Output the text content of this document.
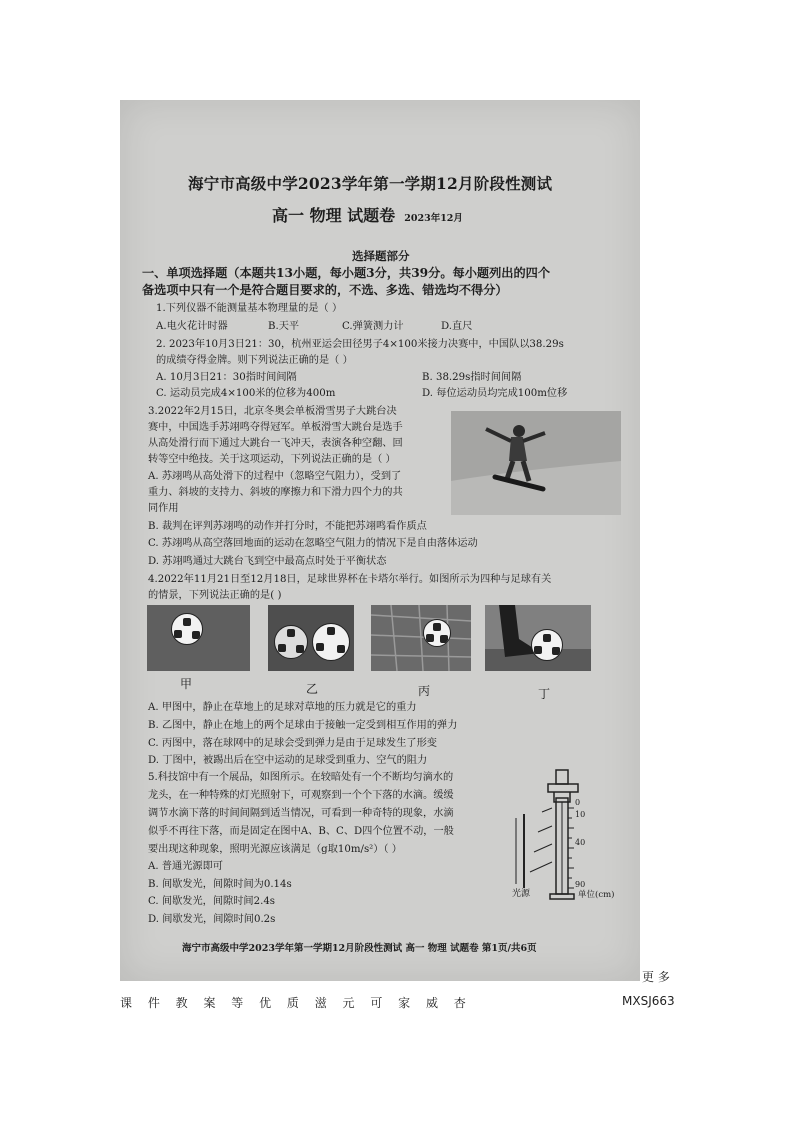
海宁市高级中学2023学年第一学期12月阶段性测试
高一 物理 试题卷 2023年12月
选择题部分
一、单项选择题（本题共13小题，每小题3分，共39分。每小题列出的四个
备选项中只有一个是符合题目要求的，不选、多选、错选均不得分）
1.下列仪器不能测量基本物理量的是（ ）
A.电火花计时器	B.天平	C.弹簧测力计	D.直尺
2. 2023年10月3日21：30，杭州亚运会田径男子4×100米接力决赛中，中国队以38.29s
的成绩夺得金牌。则下列说法正确的是（ ）
A. 10月3日21：30指时间间隔	B. 38.29s指时间间隔
C. 运动员完成4×100米的位移为400m	D. 每位运动员均完成100m位移
3.2022年2月15日，北京冬奥会单板滑雪男子大跳台决
赛中，中国选手苏翊鸣夺得冠军。单板滑雪大跳台是选手
从高处滑行而下通过大跳台一飞冲天，表演各种空翻、回
转等空中绝技。关于这项运动，下列说法正确的是（ ）
A. 苏翊鸣从高处滑下的过程中（忽略空气阻力），受到了
重力、斜坡的支持力、斜坡的摩擦力和下滑力四个力的共
同作用
B. 裁判在评判苏翊鸣的动作并打分时，不能把苏翊鸣看作质点
C. 苏翊鸣从高空落回地面的运动在忽略空气阻力的情况下是自由落体运动
D. 苏翊鸣通过大跳台飞到空中最高点时处于平衡状态
4.2022年11月21日至12月18日，足球世界杯在卡塔尔举行。如图所示为四种与足球有关
的情景，下列说法正确的是( )
甲	乙	丙	丁
A. 甲图中，静止在草地上的足球对草地的压力就是它的重力
B. 乙图中，静止在地上的两个足球由于接触一定受到相互作用的弹力
C. 丙图中，落在球网中的足球会受到弹力是由于足球发生了形变
D. 丁图中，被踢出后在空中运动的足球受到重力、空气的阻力
5.科技馆中有一个展品，如图所示。在较暗处有一个不断均匀滴水的
龙头，在一种特殊的灯光照射下，可观察到一个个下落的水滴。缓缓
调节水滴下落的时间间隔到适当情况，可看到一种奇特的现象，水滴
似乎不再往下落，而是固定在图中A、B、C、D四个位置不动，一般
要出现这种现象，照明光源应该满足（g取10m/s²）（ ）
A. 普通光源即可
B. 间歇发光，间隙时间为0.14s
C. 间歇发光，间隙时间2.4s
D. 间歇发光，间隙时间0.2s
0
10
40
90
光源	单位(cm)
海宁市高级中学2023学年第一学期12月阶段性测试 高一 物理 试题卷 第1页/共6页
更 多
课 件 教 案 等 优 质 滋 元 可 家 威 杏	MXSJ663
